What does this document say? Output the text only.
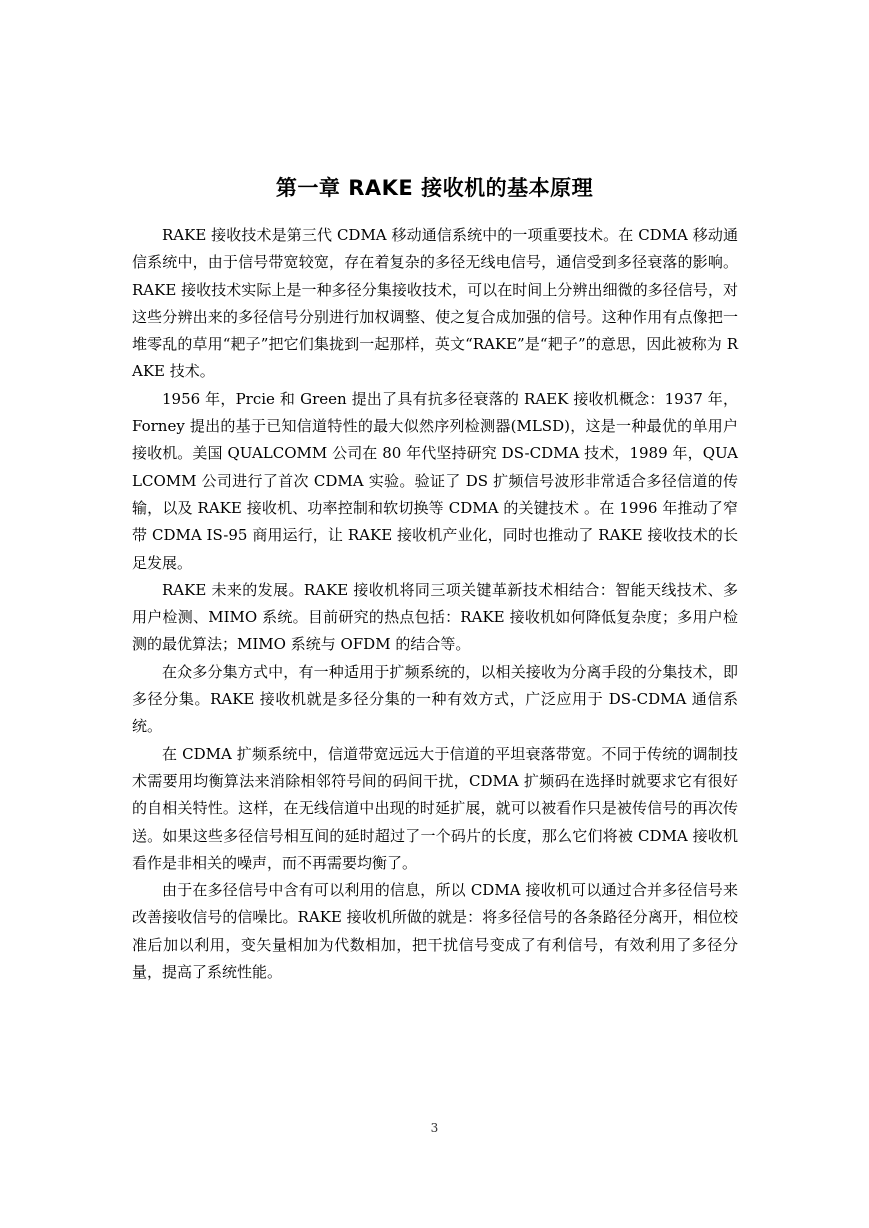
第一章 RAKE 接收机的基本原理

RAKE 接收技术是第三代 CDMA 移动通信系统中的一项重要技术。在 CDMA 移动通信系统中，由于信号带宽较宽，存在着复杂的多径无线电信号，通信受到多径衰落的影响。RAKE 接收技术实际上是一种多径分集接收技术，可以在时间上分辨出细微的多径信号，对这些分辨出来的多径信号分别进行加权调整、使之复合成加强的信号。这种作用有点像把一堆零乱的草用“耙子”把它们集拢到一起那样，英文“RAKE”是“耙子”的意思，因此被称为 RAKE 技术。

1956 年，Prcie 和 Green 提出了具有抗多径衰落的 RAEK 接收机概念：1937 年，Forney 提出的基于已知信道特性的最大似然序列检测器(MLSD)，这是一种最优的单用户接收机。美国 QUALCOMM 公司在 80 年代坚持研究 DS-CDMA 技术，1989 年，QUALCOMM 公司进行了首次 CDMA 实验。验证了 DS 扩频信号波形非常适合多径信道的传输，以及 RAKE 接收机、功率控制和软切换等 CDMA 的关键技术 。在 1996 年推动了窄带 CDMA IS-95 商用运行，让 RAKE 接收机产业化，同时也推动了 RAKE 接收技术的长足发展。

RAKE 未来的发展。RAKE 接收机将同三项关键革新技术相结合：智能天线技术、多用户检测、MIMO 系统。目前研究的热点包括：RAKE 接收机如何降低复杂度；多用户检测的最优算法；MIMO 系统与 OFDM 的结合等。

在众多分集方式中，有一种适用于扩频系统的，以相关接收为分离手段的分集技术，即多径分集。RAKE 接收机就是多径分集的一种有效方式，广泛应用于 DS-CDMA 通信系统。

在 CDMA 扩频系统中，信道带宽远远大于信道的平坦衰落带宽。不同于传统的调制技术需要用均衡算法来消除相邻符号间的码间干扰，CDMA 扩频码在选择时就要求它有很好的自相关特性。这样，在无线信道中出现的时延扩展，就可以被看作只是被传信号的再次传送。如果这些多径信号相互间的延时超过了一个码片的长度，那么它们将被 CDMA 接收机看作是非相关的噪声，而不再需要均衡了。

由于在多径信号中含有可以利用的信息，所以 CDMA 接收机可以通过合并多径信号来改善接收信号的信噪比。RAKE 接收机所做的就是：将多径信号的各条路径分离开，相位校准后加以利用，变矢量相加为代数相加，把干扰信号变成了有利信号，有效利用了多径分量，提高了系统性能。

3
